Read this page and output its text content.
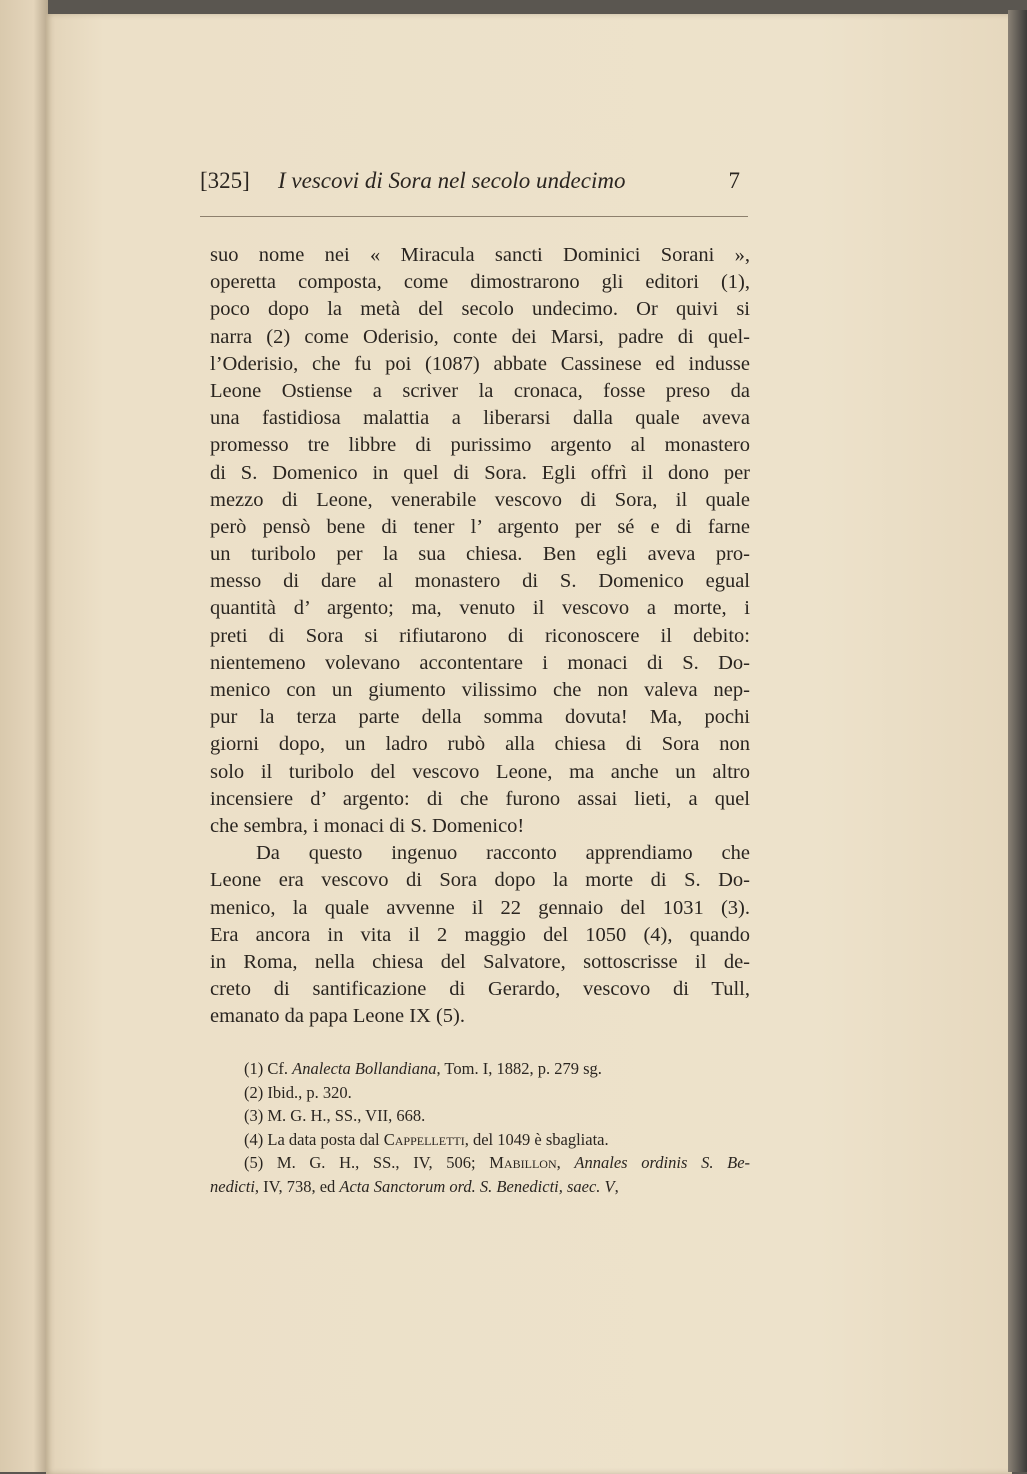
[325] I vescovi di Sora nel secolo undecimo	7
suo nome nei « Miracula sancti Dominici Sorani »,
operetta composta, come dimostrarono gli editori (1),
poco dopo la metà del secolo undecimo. Or quivi si
narra (2) come Oderisio, conte dei Marsi, padre di quel-
l’Oderisio, che fu poi (1087) abbate Cassinese ed indusse
Leone Ostiense a scriver la cronaca, fosse preso da
una fastidiosa malattia a liberarsi dalla quale aveva
promesso tre libbre di purissimo argento al monastero
di S. Domenico in quel di Sora. Egli offrì il dono per
mezzo di Leone, venerabile vescovo di Sora, il quale
però pensò bene di tener l’ argento per sé e di farne
un turibolo per la sua chiesa. Ben egli aveva pro-
messo di dare al monastero di S. Domenico egual
quantità d’ argento; ma, venuto il vescovo a morte, i
preti di Sora si rifiutarono di riconoscere il debito:
nientemeno volevano accontentare i monaci di S. Do-
menico con un giumento vilissimo che non valeva nep-
pur la terza parte della somma dovuta! Ma, pochi
giorni dopo, un ladro rubò alla chiesa di Sora non
solo il turibolo del vescovo Leone, ma anche un altro
incensiere d’ argento: di che furono assai lieti, a quel
che sembra, i monaci di S. Domenico!
Da questo ingenuo racconto apprendiamo che
Leone era vescovo di Sora dopo la morte di S. Do-
menico, la quale avvenne il 22 gennaio del 1031 (3).
Era ancora in vita il 2 maggio del 1050 (4), quando
in Roma, nella chiesa del Salvatore, sottoscrisse il de-
creto di santificazione di Gerardo, vescovo di Tull,
emanato da papa Leone IX (5).
(1) Cf. Analecta Bollandiana, Tom. I, 1882, p. 279 sg.
(2) Ibid., p. 320.
(3) M. G. H., SS., VII, 668.
(4) La data posta dal Cappelletti, del 1049 è sbagliata.
(5) M. G. H., SS., IV, 506; Mabillon, Annales ordinis S. Be-
nedicti, IV, 738, ed Acta Sanctorum ord. S. Benedicti, saec. V,
